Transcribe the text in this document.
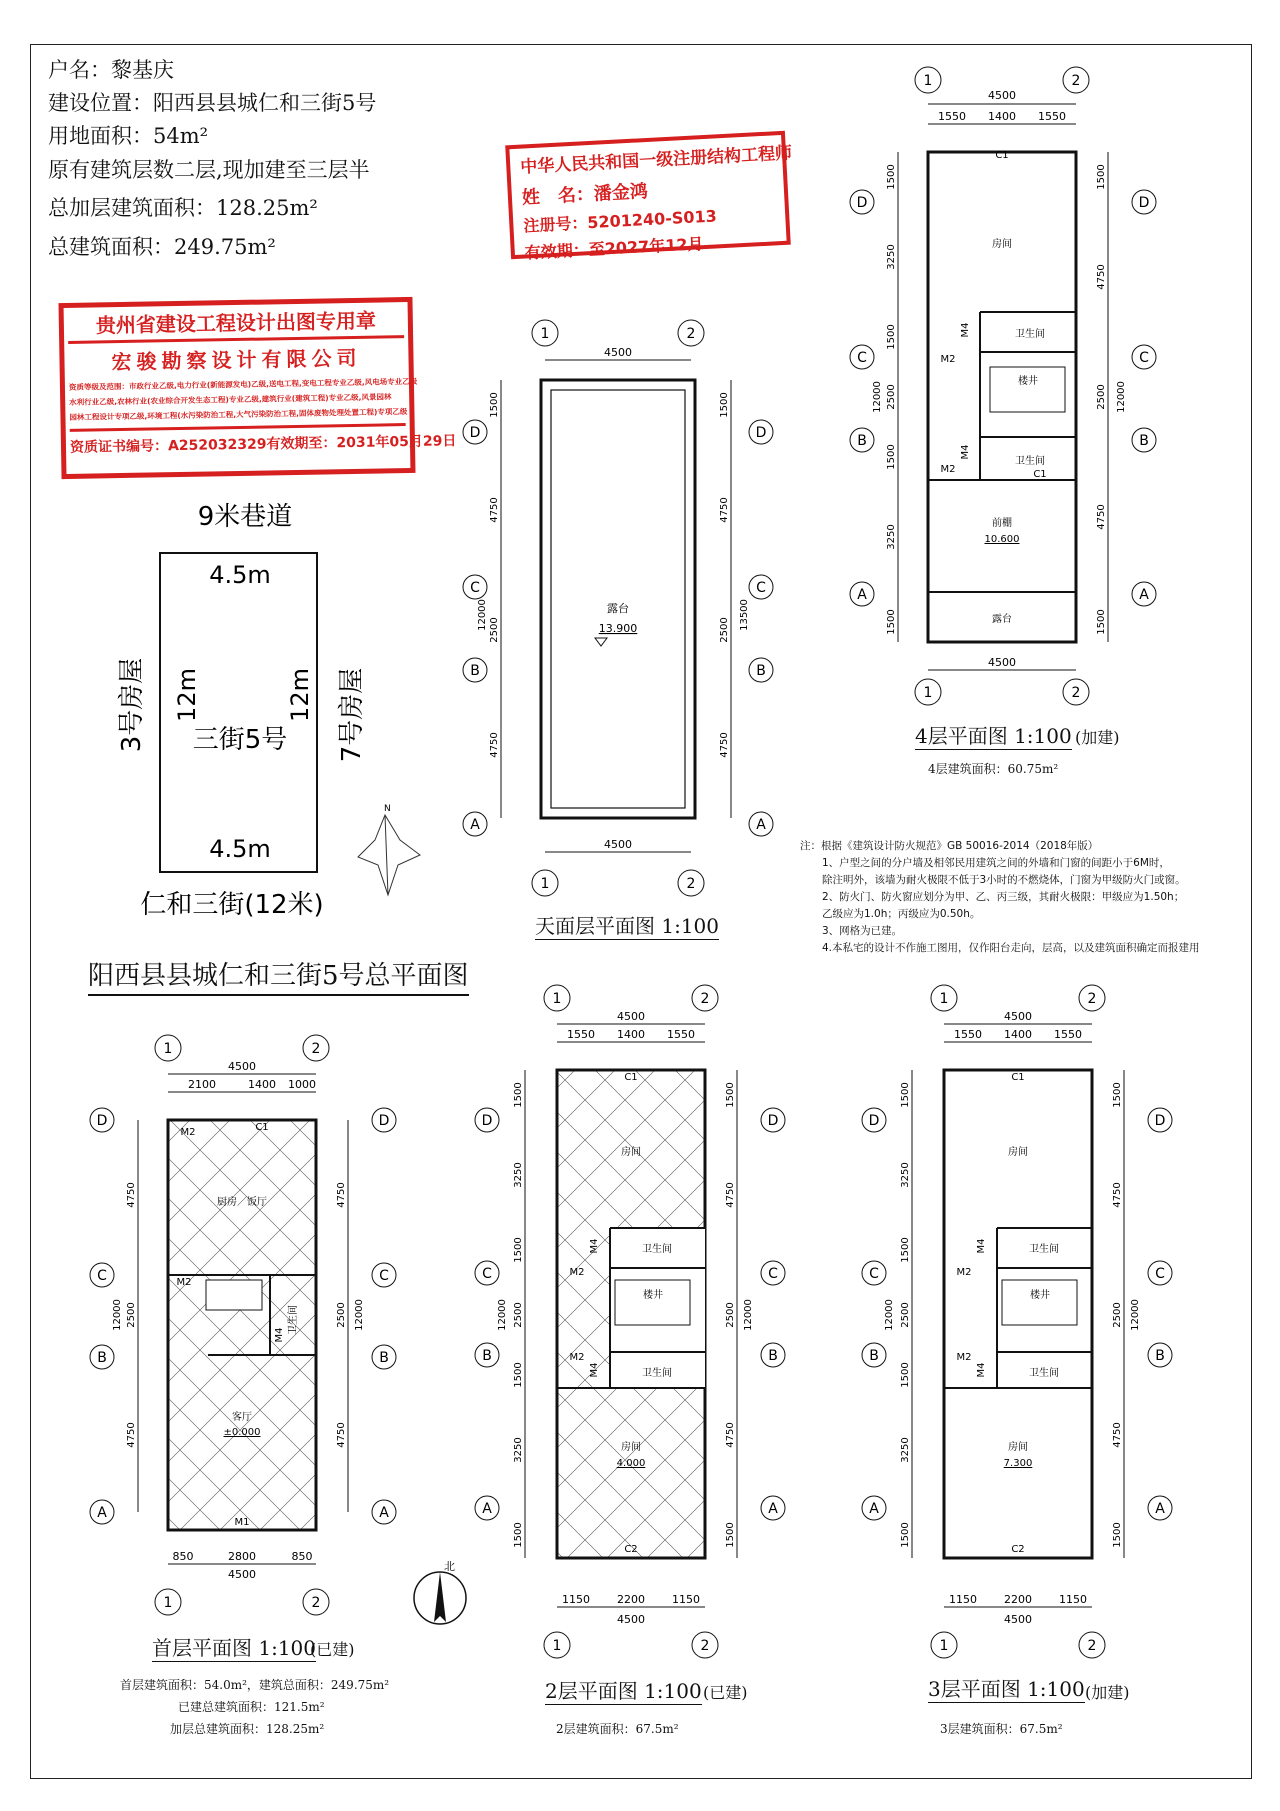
户名：黎基庆
建设位置：阳西县县城仁和三街5号
用地面积：54m²
原有建筑层数二层,现加建至三层半
总加层建筑面积：128.25m²
总建筑面积：249.75m²
中华人民共和国一级注册结构工程师
姓　名：潘金鸿
注册号：5201240-S013
有效期：至2027年12月
贵州省建设工程设计出图专用章
宏骏勘察设计有限公司
资质等级及范围：市政行业乙级,电力行业(新能源发电)乙级,送电工程,变电工程专业乙级,风电场专业乙级
水利行业乙级,农林行业(农业综合开发生态工程)专业乙级,建筑行业(建筑工程)专业乙级,风景园林
园林工程设计专项乙级,环境工程(水污染防治工程,大气污染防治工程,固体废物处理处置工程)专项乙级
资质证书编号：A252032329有效期至：2031年05月29日
9米巷道
4.5m
4.5m
三街5号
12m	12m
3号房屋	7号房屋
仁和三街(12米)
N
阳西县县城仁和三街5号总平面图
1	2
1	2
4500
4500
D
C
B
A
D
C
B
A
1500
4750
2500
4750
12000
1500
4750
2500
4750
13500
露台
13.900
天面层平面图 1:100
1	2
1	2
4500
1550 1400 1550
4500
C1
房间
卫生间
楼井
卫生间
M2
M2
M4
M4
C1
前棚
10.600
露台
D
C
B
A
D
C
B
A
1500
3250
1500
2500
1500
3250
1500
12000
1500
4750
2500
4750
1500
12000
4层平面图 1:100 (加建)
4层建筑面积：60.75m²
注：根据《建筑设计防火规范》GB 50016-2014（2018年版）
1、户型之间的分户墙及相邻民用建筑之间的外墙和门窗的间距小于6M时，
除注明外，该墙为耐火极限不低于3小时的不燃烧体，门窗为甲级防火门或窗。
2、防火门、防火窗应划分为甲、乙、丙三级，其耐火极限：甲级应为1.50h；
乙级应为1.0h；丙级应为0.50h。
3、网格为已建。
4.本私宅的设计不作施工图用，仅作阳台走向，层高，以及建筑面积确定而报建用
1	2
1	2
4500
2100	1400 1000
850	2800	850
4500
M2	C1
厨房／饭厅
M2
卫生间
M4
客厅
±0.000
M1
D
C
B
A
D
C
B
A
4750
2500
4750
12000
4750
2500
4750
12000
北
首层平面图 1:100
(已建)
首层建筑面积：54.0m²，建筑总面积：249.75m²
已建总建筑面积：121.5m²
加层总建筑面积：128.25m²
1	2
1	2
4500
1550 1400 1550
1150 2200 1150
4500
C1
房间
卫生间
楼井
卫生间
M2
M2
M4
M4
房间
4.000
C2
D
C
B
A
D
C
B
A
1500
3250
1500
2500
1500
3250
1500
12000
1500
4750
2500
4750
1500
12000
2层平面图 1:100 (已建)
2层建筑面积：67.5m²
1	2
1	2
4500
1550 1400 1550
1150 2200 1150
4500
C1
房间
卫生间
楼井
卫生间
M2
M2
M4
M4
房间
7.300
C2
D
C
B
A
D
C
B
A
1500
3250
1500
2500
1500
3250
1500
12000
1500
4750
2500
4750
1500
12000
3层平面图 1:100 (加建)
3层建筑面积：67.5m²
